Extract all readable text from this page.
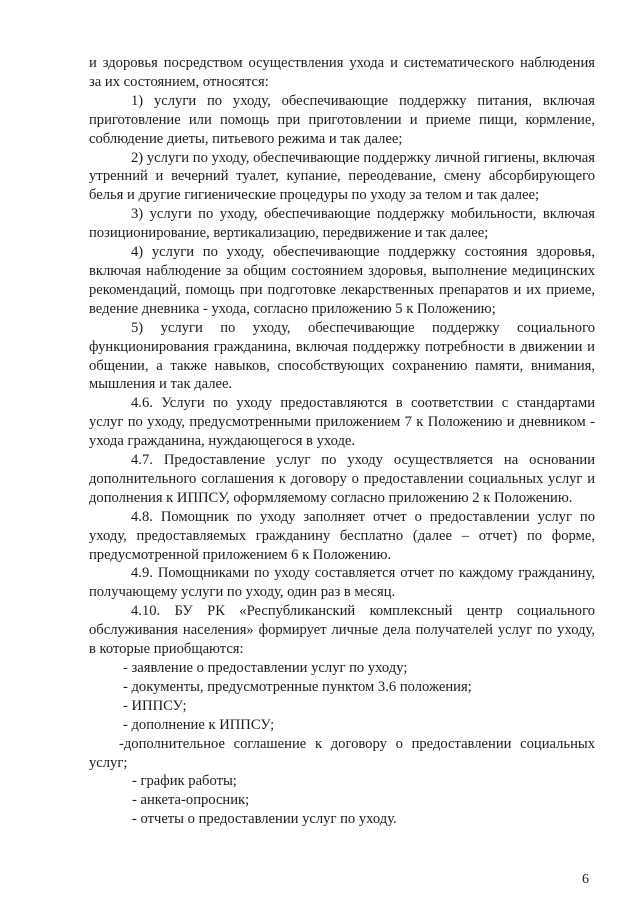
и здоровья посредством осуществления ухода и систематического наблюдения за их состоянием, относятся:

1) услуги по уходу, обеспечивающие поддержку питания, включая приготовление или помощь при приготовлении и приеме пищи, кормление, соблюдение диеты, питьевого режима и так далее;

2) услуги по уходу, обеспечивающие поддержку личной гигиены, включая утренний и вечерний туалет, купание, переодевание, смену абсорбирующего белья и другие гигиенические процедуры по уходу за телом и так далее;

3) услуги по уходу, обеспечивающие поддержку мобильности, включая позиционирование, вертикализацию, передвижение и так далее;

4) услуги по уходу, обеспечивающие поддержку состояния здоровья, включая наблюдение за общим состоянием здоровья, выполнение медицинских рекомендаций, помощь при подготовке лекарственных препаратов и их приеме, ведение дневника - ухода, согласно приложению 5 к Положению;

5) услуги по уходу, обеспечивающие поддержку социального функционирования гражданина, включая поддержку потребности в движении и общении, а также навыков, способствующих сохранению памяти, внимания, мышления и так далее.

4.6. Услуги по уходу предоставляются в соответствии с стандартами услуг по уходу, предусмотренными приложением 7 к Положению и дневником - ухода гражданина, нуждающегося в уходе.

4.7. Предоставление услуг по уходу осуществляется на основании дополнительного соглашения к договору о предоставлении социальных услуг и дополнения к ИППСУ, оформляемому согласно приложению 2 к Положению.

4.8. Помощник по уходу заполняет отчет о предоставлении услуг по уходу, предоставляемых гражданину бесплатно (далее – отчет) по форме, предусмотренной приложением 6 к Положению.

4.9. Помощниками по уходу составляется отчет по каждому гражданину, получающему услуги по уходу, один раз в месяц.

4.10. БУ РК «Республиканский комплексный центр социального обслуживания населения» формирует личные дела получателей услуг по уходу, в которые приобщаются:

- заявление о предоставлении услуг по уходу;
- документы, предусмотренные пунктом 3.6 положения;
- ИППСУ;
- дополнение к ИППСУ;
-дополнительное соглашение к договору о предоставлении социальных услуг;
- график работы;
- анкета-опросник;
- отчеты о предоставлении услуг по уходу.
6
